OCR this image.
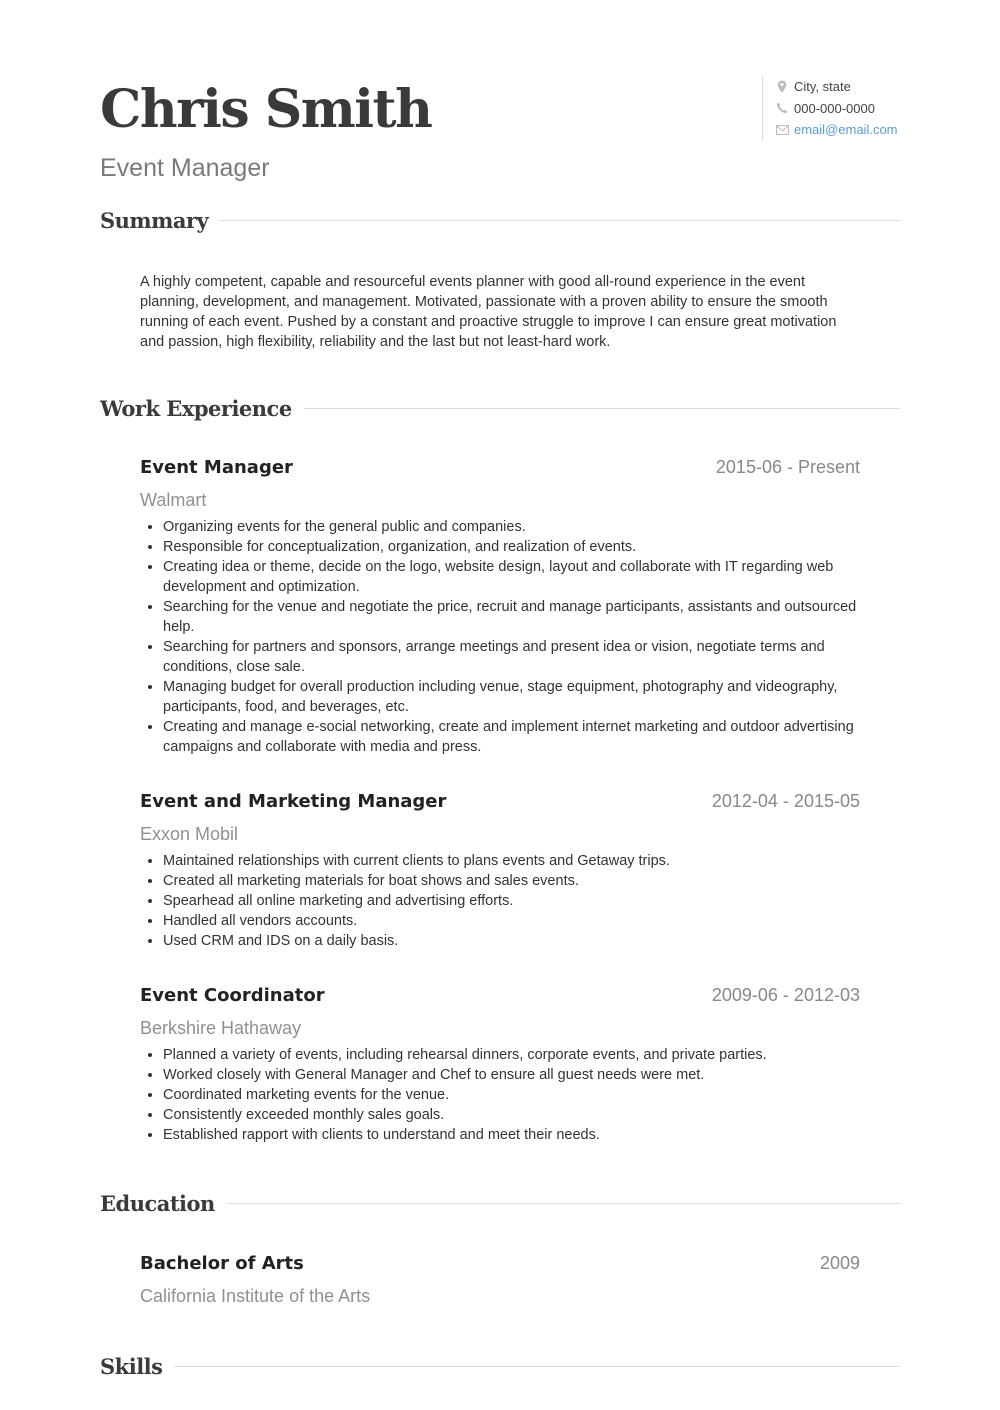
Chris Smith
Event Manager
City, state
000-000-0000
email@email.com
Summary
A highly competent, capable and resourceful events planner with good all-round experience in the event planning, development, and management. Motivated, passionate with a proven ability to ensure the smooth running of each event. Pushed by a constant and proactive struggle to improve I can ensure great motivation and passion, high flexibility, reliability and the last but not least-hard work.
Work Experience
Event Manager	2015-06 - Present
Walmart
• Organizing events for the general public and companies.
• Responsible for conceptualization, organization, and realization of events.
• Creating idea or theme, decide on the logo, website design, layout and collaborate with IT regarding web development and optimization.
• Searching for the venue and negotiate the price, recruit and manage participants, assistants and outsourced help.
• Searching for partners and sponsors, arrange meetings and present idea or vision, negotiate terms and conditions, close sale.
• Managing budget for overall production including venue, stage equipment, photography and videography, participants, food, and beverages, etc.
• Creating and manage e-social networking, create and implement internet marketing and outdoor advertising campaigns and collaborate with media and press.
Event and Marketing Manager	2012-04 - 2015-05
Exxon Mobil
• Maintained relationships with current clients to plans events and Getaway trips.
• Created all marketing materials for boat shows and sales events.
• Spearhead all online marketing and advertising efforts.
• Handled all vendors accounts.
• Used CRM and IDS on a daily basis.
Event Coordinator	2009-06 - 2012-03
Berkshire Hathaway
• Planned a variety of events, including rehearsal dinners, corporate events, and private parties.
• Worked closely with General Manager and Chef to ensure all guest needs were met.
• Coordinated marketing events for the venue.
• Consistently exceeded monthly sales goals.
• Established rapport with clients to understand and meet their needs.
Education
Bachelor of Arts	2009
California Institute of the Arts
Skills
